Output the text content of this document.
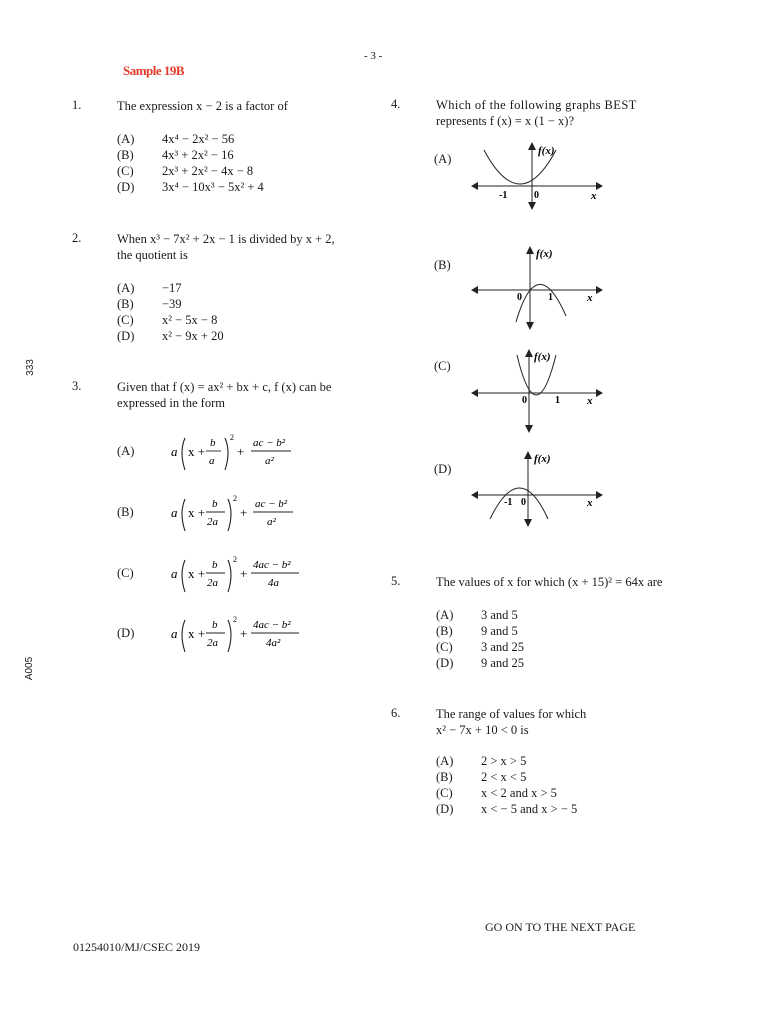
- 3 -
Sample 19B
333
A005
1.	The expression x − 2 is a factor of
(A)	4x⁴ − 2x² − 56
(B)	4x³ + 2x² − 16
(C)	2x³ + 2x² − 4x − 8
(D)	3x⁴ − 10x³ − 5x² + 4
2.	When x³ − 7x² + 2x − 1 is divided by x + 2,
the quotient is
(A)	−17
(B)	−39
(C)	x² − 5x − 8
(D)	x² − 9x + 20
3.	Given that f (x) = ax² + bx + c, f (x) can be
expressed in the form
(A)	a x +
b
a
2
+
ac − b²
a²
(B)	a x +
b
2a
2
+
ac − b²
a²
(C)	a x +
b
2a
2
+
4ac − b²
4a
(D)	a x +
b
2a
2
+
4ac − b²
4a²
4.	Which of the following graphs BEST
represents f (x) = x (1 − x)?
(A)
f(x)
x
-1	0
(B)
f(x)
x
0	1
(C)
f(x)
x
0	1
(D)
f(x)
x
-1 0
5.	The values of x for which (x + 15)² = 64x are
(A)	3 and 5
(B)	9 and 5
(C)	3 and 25
(D)	9 and 25
6.	The range of values for which
x² − 7x + 10 < 0 is
(A)	2 > x > 5
(B)	2 < x < 5
(C)	x < 2 and x > 5
(D)	x < − 5 and x > − 5
GO ON TO THE NEXT PAGE
01254010/MJ/CSEC 2019
